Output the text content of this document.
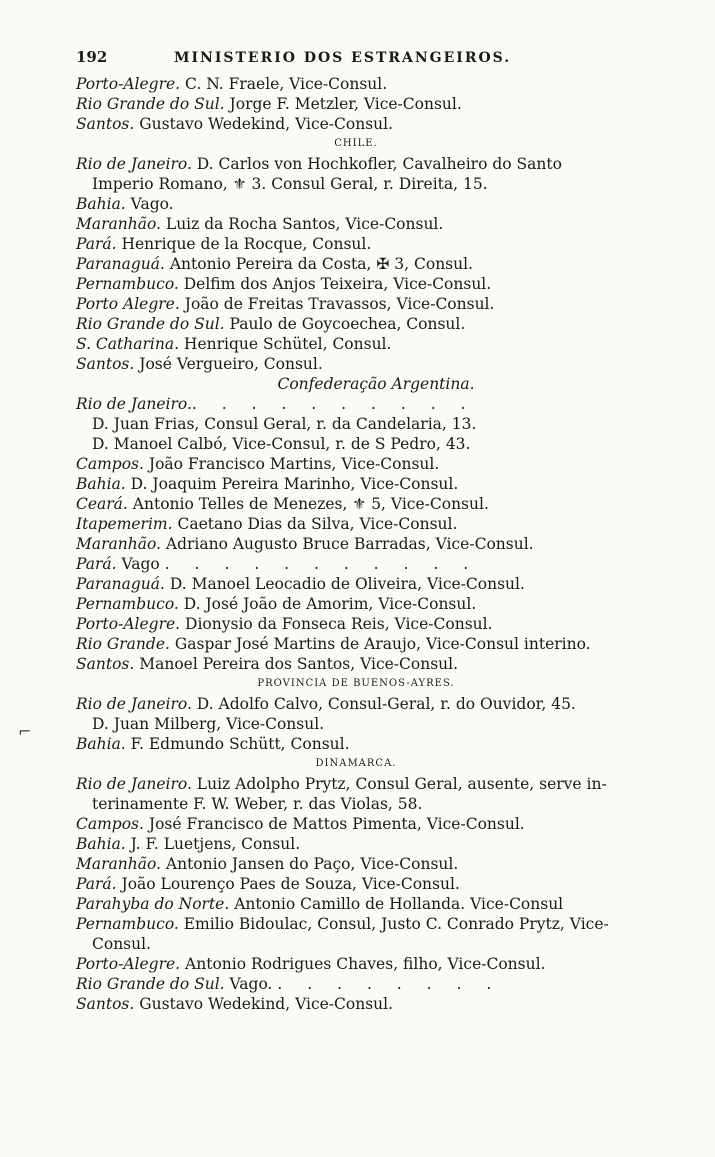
192	MINISTERIO DOS ESTRANGEIROS.
Porto-Alegre. C. N. Fraele, Vice-Consul.
Rio Grande do Sul. Jorge F. Metzler, Vice-Consul.
Santos. Gustavo Wedekind, Vice-Consul.
CHILE.
Rio de Janeiro. D. Carlos von Hochkofler, Cavalheiro do Santo
Imperio Romano, ⚜ 3. Consul Geral, r. Direita, 15.
Bahia. Vago.
Maranhão. Luiz da Rocha Santos, Vice-Consul.
Pará. Henrique de la Rocque, Consul.
Paranaguá. Antonio Pereira da Costa, ✠ 3, Consul.
Pernambuco. Delfim dos Anjos Teixeira, Vice-Consul.
Porto Alegre. João de Freitas Travassos, Vice-Consul.
Rio Grande do Sul. Paulo de Goycoechea, Consul.
S. Catharina. Henrique Schütel, Consul.
Santos. José Vergueiro, Consul.
Confederação Argentina.
Rio de Janeiro.. . . . . . . . . .
D. Juan Frias, Consul Geral, r. da Candelaria, 13.
D. Manoel Calbó, Vice-Consul, r. de S Pedro, 43.
Campos. João Francisco Martins, Vice-Consul.
Bahia. D. Joaquim Pereira Marinho, Vice-Consul.
Ceará. Antonio Telles de Menezes, ⚜ 5, Vice-Consul.
Itapemerim. Caetano Dias da Silva, Vice-Consul.
Maranhão. Adriano Augusto Bruce Barradas, Vice-Consul.
Pará. Vago . . . . . . . . . . .
Paranaguá. D. Manoel Leocadio de Oliveira, Vice-Consul.
Pernambuco. D. José João de Amorim, Vice-Consul.
Porto-Alegre. Dionysio da Fonseca Reis, Vice-Consul.
Rio Grande. Gaspar José Martins de Araujo, Vice-Consul interino.
Santos. Manoel Pereira dos Santos, Vice-Consul.
PROVINCIA DE BUENOS-AYRES.
Rio de Janeiro. D. Adolfo Calvo, Consul-Geral, r. do Ouvidor, 45.
D. Juan Milberg, Vice-Consul.
Bahia. F. Edmundo Schütt, Consul.
DINAMARCA.
Rio de Janeiro. Luiz Adolpho Prytz, Consul Geral, ausente, serve in-
terinamente F. W. Weber, r. das Violas, 58.
Campos. José Francisco de Mattos Pimenta, Vice-Consul.
Bahia. J. F. Luetjens, Consul.
Maranhão. Antonio Jansen do Paço, Vice-Consul.
Pará. João Lourenço Paes de Souza, Vice-Consul.
Parahyba do Norte. Antonio Camillo de Hollanda. Vice-Consul
Pernambuco. Emilio Bidoulac, Consul, Justo C. Conrado Prytz, Vice-
Consul.
Porto-Alegre. Antonio Rodrigues Chaves, filho, Vice-Consul.
Rio Grande do Sul. Vago. . . . . . . . .
Santos. Gustavo Wedekind, Vice-Consul.
⌐
